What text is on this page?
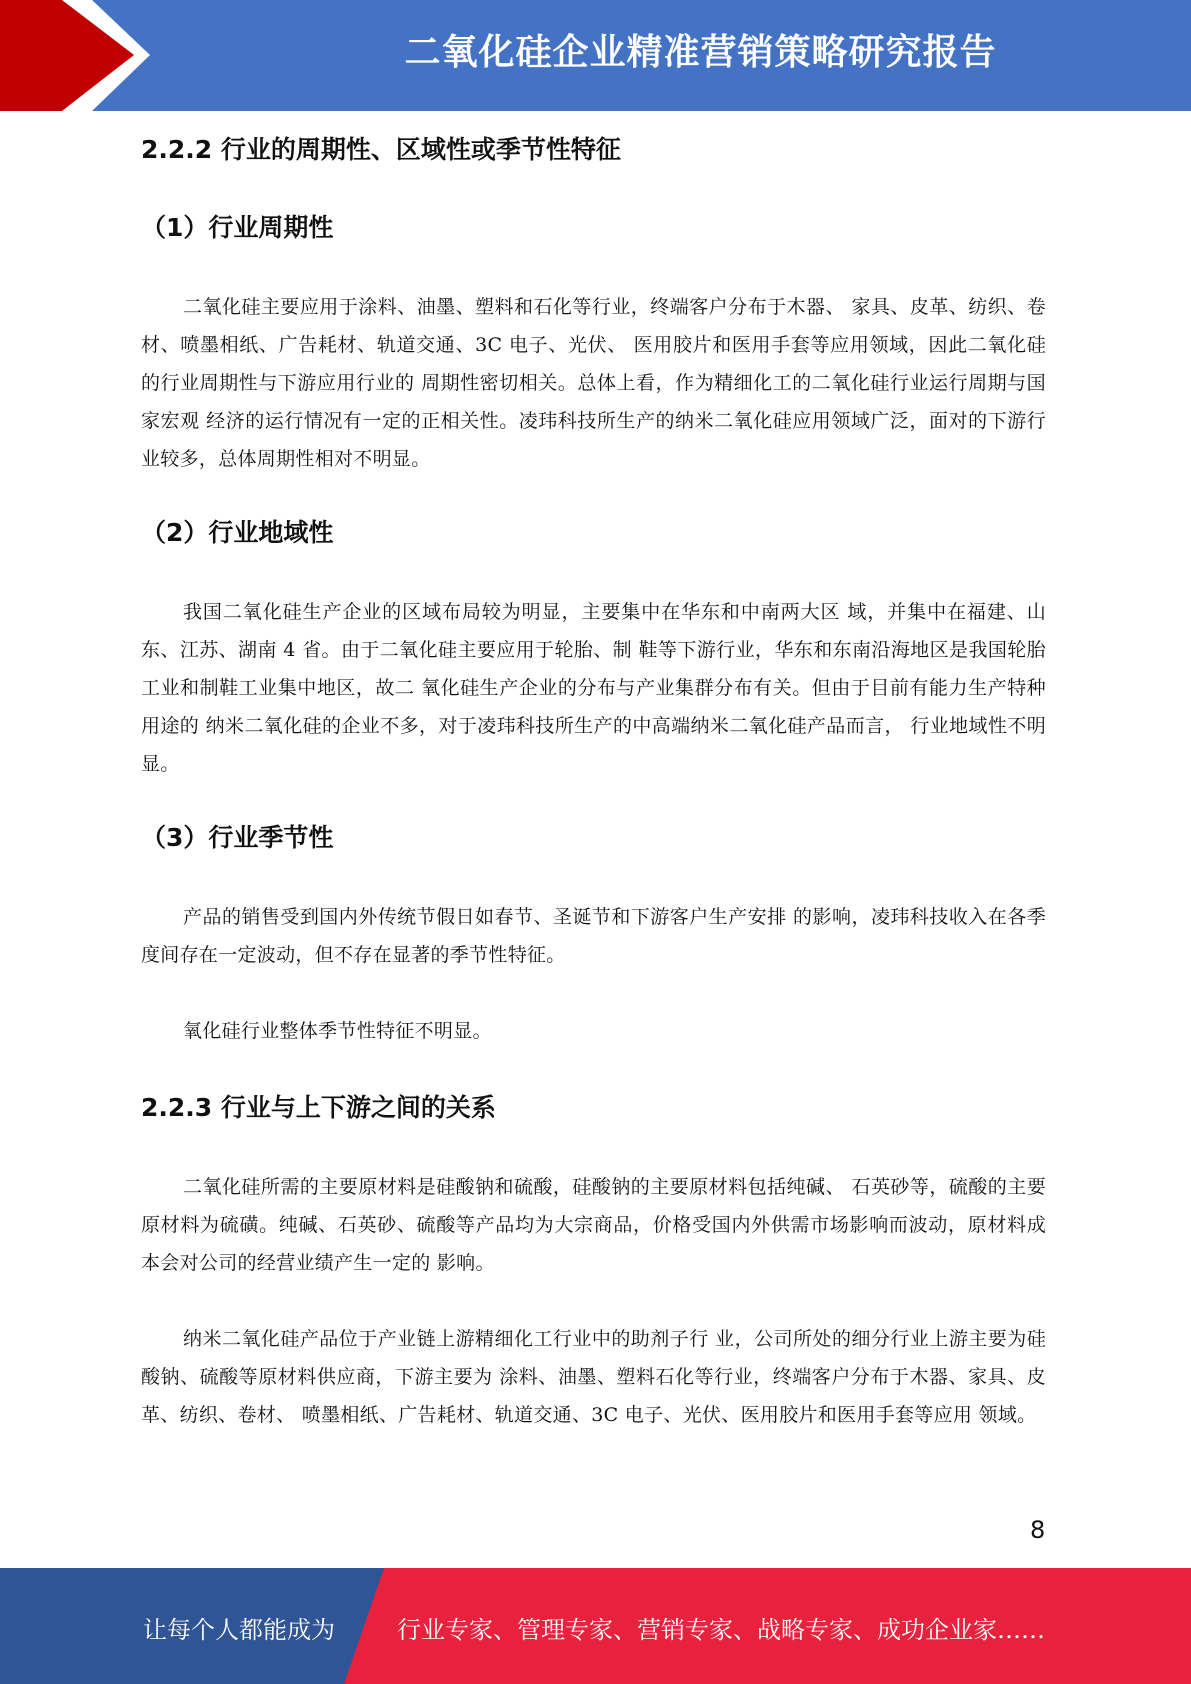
二氧化硅企业精准营销策略研究报告
2.2.2 行业的周期性、区域性或季节性特征
（1）行业周期性

二氧化硅主要应用于涂料、油墨、塑料和石化等行业，终端客户分布于木器、 家具、皮革、纺织、卷材、喷墨相纸、广告耗材、轨道交通、3C 电子、光伏、 医用胶片和医用手套等应用领域，因此二氧化硅的行业周期性与下游应用行业的 周期性密切相关。总体上看，作为精细化工的二氧化硅行业运行周期与国家宏观 经济的运行情况有一定的正相关性。凌玮科技所生产的纳米二氧化硅应用领域广泛，面对的下游行业较多，总体周期性相对不明显。

（2）行业地域性

我国二氧化硅生产企业的区域布局较为明显，主要集中在华东和中南两大区 域，并集中在福建、山东、江苏、湖南 4 省。由于二氧化硅主要应用于轮胎、制 鞋等下游行业，华东和东南沿海地区是我国轮胎工业和制鞋工业集中地区，故二 氧化硅生产企业的分布与产业集群分布有关。但由于目前有能力生产特种用途的 纳米二氧化硅的企业不多，对于凌玮科技所生产的中高端纳米二氧化硅产品而言， 行业地域性不明显。

（3）行业季节性

产品的销售受到国内外传统节假日如春节、圣诞节和下游客户生产安排 的影响，凌玮科技收入在各季度间存在一定波动，但不存在显著的季节性特征。

氧化硅行业整体季节性特征不明显。

2.2.3 行业与上下游之间的关系

二氧化硅所需的主要原材料是硅酸钠和硫酸，硅酸钠的主要原材料包括纯碱、 石英砂等，硫酸的主要原材料为硫磺。纯碱、石英砂、硫酸等产品均为大宗商品，价格受国内外供需市场影响而波动，原材料成本会对公司的经营业绩产生一定的 影响。

纳米二氧化硅产品位于产业链上游精细化工行业中的助剂子行 业，公司所处的细分行业上游主要为硅酸钠、硫酸等原材料供应商，下游主要为 涂料、油墨、塑料石化等行业，终端客户分布于木器、家具、皮革、纺织、卷材、 喷墨相纸、广告耗材、轨道交通、3C 电子、光伏、医用胶片和医用手套等应用 领域。

8
让每个人都能成为	行业专家、管理专家、营销专家、战略专家、成功企业家……
